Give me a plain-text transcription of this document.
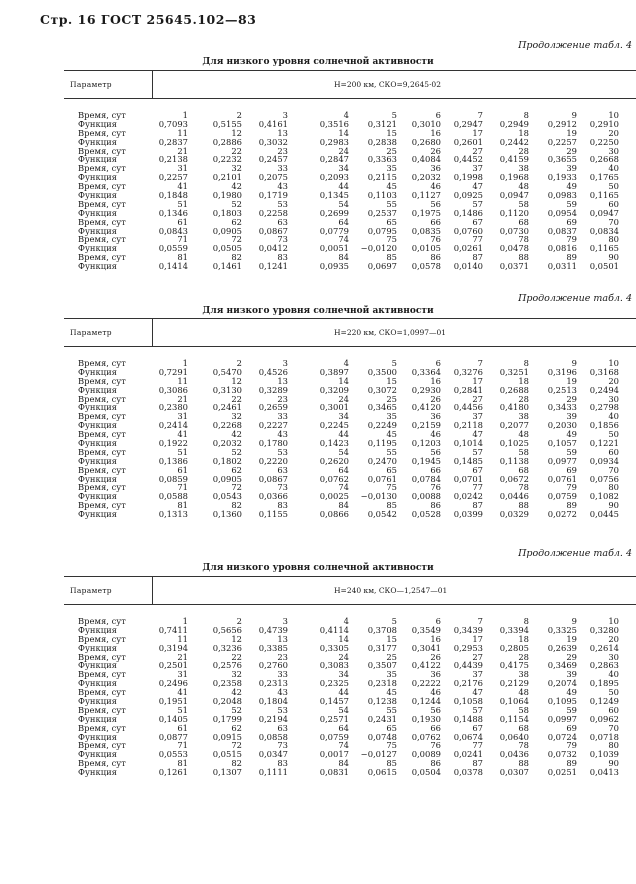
Стр. 16 ГОСТ 25645.102—83
Продолжение табл. 4
Для низкого уровня солнечной активности
Параметр	H=200 км, СКО=9,2645·02
Время, сут	1	2	3	4	5	6	7	8	9	10
Функция	0,7093	0,5155	0,4161	0,3516	0,3121	0,3010	0,2947	0,2949	0,2912	0,2910
Время, сут	11	12	13	14	15	16	17	18	19	20
Функция	0,2837	0,2886	0,3032	0,2983	0,2838	0,2680	0,2601	0,2442	0,2257	0,2250
Время, сут	21	22	23	24	25	26	27	28	29	30
Функция	0,2138	0,2232	0,2457	0,2847	0,3363	0,4084	0,4452	0,4159	0,3655	0,2668
Время, сут	31	32	33	34	35	36	37	38	39	40
Функция	0,2257	0,2101	0,2075	0,2093	0,2115	0,2032	0,1998	0,1968	0,1933	0,1765
Время, сут	41	42	43	44	45	46	47	48	49	50
Функция	0,1848	0,1980	0,1719	0,1345	0,1103	0,1127	0,0925	0,0947	0,0983	0,1165
Время, сут	51	52	53	54	55	56	57	58	59	60
Функция	0,1346	0,1803	0,2258	0,2699	0,2537	0,1975	0,1486	0,1120	0,0954	0,0947
Время, сут	61	62	63	64	65	66	67	68	69	70
Функция	0,0843	0,0905	0,0867	0,0779	0,0795	0,0835	0,0760	0,0730	0,0837	0,0834
Время, сут	71	72	73	74	75	76	77	78	79	80
Функция	0,0559	0,0505	0,0412	0,0051	−0,0120	0,0105	0,0261	0,0478	0,0816	0,1165
Время, сут	81	82	83	84	85	86	87	88	89	90
Функция	0,1414	0,1461	0,1241	0,0935	0,0697	0,0578	0,0140	0,0371	0,0311	0,0501
Продолжение табл. 4
Для низкого уровня солнечной активности
Параметр	H=220 км, СКО=1,0997—01
Время, сут	1	2	3	4	5	6	7	8	9	10
Функция	0,7291	0,5470	0,4526	0,3897	0,3500	0,3364	0,3276	0,3251	0,3196	0,3168
Время, сут	11	12	13	14	15	16	17	18	19	20
Функция	0,3086	0,3130	0,3289	0,3209	0,3072	0,2930	0,2841	0,2688	0,2513	0,2494
Время, сут	21	22	23	24	25	26	27	28	29	30
Функция	0,2380	0,2461	0,2659	0,3001	0,3465	0,4120	0,4456	0,4180	0,3433	0,2798
Время, сут	31	32	33	34	35	36	37	38	39	40
Функция	0,2414	0,2268	0,2227	0,2245	0,2249	0,2159	0,2118	0,2077	0,2030	0,1856
Время, сут	41	42	43	44	45	46	47	48	49	50
Функция	0,1922	0,2032	0,1780	0,1423	0,1195	0,1203	0,1014	0,1025	0,1057	0,1221
Время, сут	51	52	53	54	55	56	57	58	59	60
Функция	0,1386	0,1802	0,2220	0,2620	0,2470	0,1945	0,1485	0,1138	0,0977	0,0934
Время, сут	61	62	63	64	65	66	67	68	69	70
Функция	0,0859	0,0905	0,0867	0,0762	0,0761	0,0784	0,0701	0,0672	0,0761	0,0756
Время, сут	71	72	73	74	75	76	77	78	79	80
Функция	0,0588	0,0543	0,0366	0,0025	−0,0130	0,0088	0,0242	0,0446	0,0759	0,1082
Время, сут	81	82	83	84	85	86	87	88	89	90
Функция	0,1313	0,1360	0,1155	0,0866	0,0542	0,0528	0,0399	0,0329	0,0272	0,0445
Продолжение табл. 4
Для низкого уровня солнечной активности
Параметр	H=240 км, СКО—1,2547—01
Время, сут	1	2	3	4	5	6	7	8	9	10
Функция	0,7411	0,5656	0,4739	0,4114	0,3708	0,3549	0,3439	0,3394	0,3325	0,3280
Время, сут	11	12	13	14	15	16	17	18	19	20
Функция	0,3194	0,3236	0,3385	0,3305	0,3177	0,3041	0,2953	0,2805	0,2639	0,2614
Время, сут	21	22	23	24	25	26	27	28	29	30
Функция	0,2501	0,2576	0,2760	0,3083	0,3507	0,4122	0,4439	0,4175	0,3469	0,2863
Время, сут	31	32	33	34	35	36	37	38	39	40
Функция	0,2496	0,2358	0,2313	0,2325	0,2318	0,2222	0,2176	0,2129	0,2074	0,1895
Время, сут	41	42	43	44	45	46	47	48	49	50
Функция	0,1951	0,2048	0,1804	0,1457	0,1238	0,1244	0,1058	0,1064	0,1095	0,1249
Время, сут	51	52	53	54	55	56	57	58	59	60
Функция	0,1405	0,1799	0,2194	0,2571	0,2431	0,1930	0,1488	0,1154	0,0997	0,0962
Время, сут	61	62	63	64	65	66	67	68	69	70
Функция	0,0877	0,0915	0,0858	0,0759	0,0748	0,0762	0,0674	0,0640	0,0724	0,0718
Время, сут	71	72	73	74	75	76	77	78	79	80
Функция	0,0553	0,0515	0,0347	0,0017	−0,0127	0,0089	0,0241	0,0436	0,0732	0,1039
Время, сут	81	82	83	84	85	86	87	88	89	90
Функция	0,1261	0,1307	0,1111	0,0831	0,0615	0,0504	0,0378	0,0307	0,0251	0,0413
